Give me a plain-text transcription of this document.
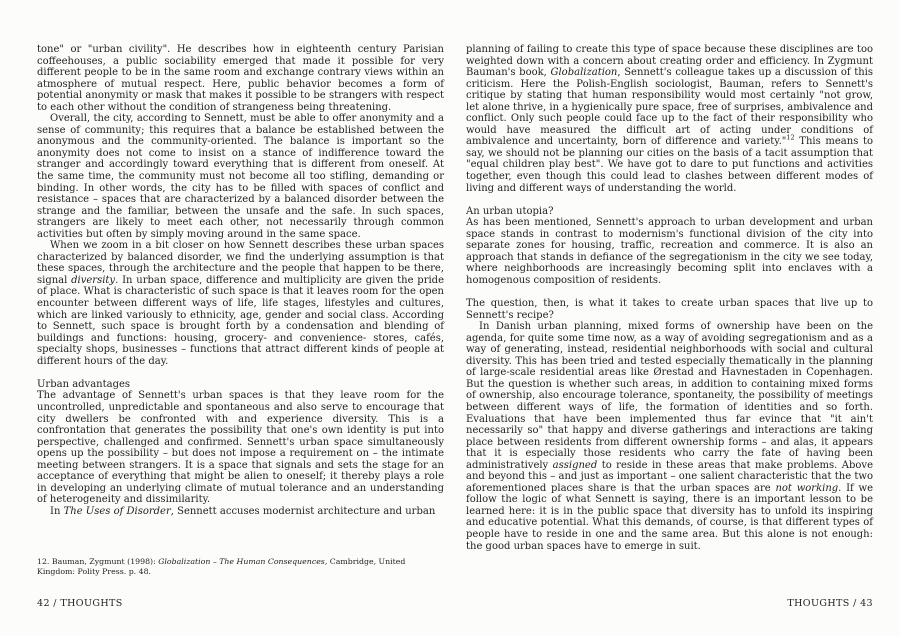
tone" or "urban civility". He describes how in eighteenth century Parisian coffeehouses, a public sociability emerged that made it possible for very different people to be in the same room and exchange contrary views within an atmosphere of mutual respect. Here, public behavior becomes a form of potential anonymity or mask that makes it possible to be strangers with respect to each other without the condition of strangeness being threatening.
Overall, the city, according to Sennett, must be able to offer anonymity and a sense of community; this requires that a balance be established between the anonymous and the community-oriented. The balance is important so the anonymity does not come to insist on a stance of indifference toward the stranger and accordingly toward everything that is different from oneself. At the same time, the community must not become all too stifling, demanding or binding. In other words, the city has to be filled with spaces of conflict and resistance – spaces that are characterized by a balanced disorder between the strange and the familiar, between the unsafe and the safe. In such spaces, strangers are likely to meet each other, not necessarily through common activities but often by simply moving around in the same space.
When we zoom in a bit closer on how Sennett describes these urban spaces characterized by balanced disorder, we find the underlying assumption is that these spaces, through the architecture and the people that happen to be there, signal diversity. In urban space, difference and multiplicity are given the pride of place. What is characteristic of such space is that it leaves room for the open encounter between different ways of life, life stages, lifestyles and cultures, which are linked variously to ethnicity, age, gender and social class. According to Sennett, such space is brought forth by a condensation and blending of buildings and functions: housing, grocery- and convenience- stores, cafés, specialty shops, businesses – functions that attract different kinds of people at different hours of the day.
Urban advantages
The advantage of Sennett's urban spaces is that they leave room for the uncontrolled, unpredictable and spontaneous and also serve to encourage that city dwellers be confronted with and experience diversity. This is a confrontation that generates the possibility that one's own identity is put into perspective, challenged and confirmed. Sennett's urban space simultaneously opens up the possibility – but does not impose a requirement on – the intimate meeting between strangers. It is a space that signals and sets the stage for an acceptance of everything that might be alien to oneself; it thereby plays a role in developing an underlying climate of mutual tolerance and an understanding of heterogeneity and dissimilarity.
In The Uses of Disorder, Sennett accuses modernist architecture and urban
planning of failing to create this type of space because these disciplines are too weighted down with a concern about creating order and efficiency. In Zygmunt Bauman's book, Globalization, Sennett's colleague takes up a discussion of this criticism. Here the Polish-English sociologist, Bauman, refers to Sennett's critique by stating that human responsibility would most certainly "not grow, let alone thrive, in a hygienically pure space, free of surprises, ambivalence and conflict. Only such people could face up to the fact of their responsibility who would have measured the difficult art of acting under conditions of ambivalence and uncertainty, born of difference and variety."$^{12}$ This means to say, we should not be planning our cities on the basis of a tacit assumption that "equal children play best". We have got to dare to put functions and activities together, even though this could lead to clashes between different modes of living and different ways of understanding the world.
An urban utopia?
As has been mentioned, Sennett's approach to urban development and urban space stands in contrast to modernism's functional division of the city into separate zones for housing, traffic, recreation and commerce. It is also an approach that stands in defiance of the segregationism in the city we see today, where neighborhoods are increasingly becoming split into enclaves with a homogenous composition of residents.
The question, then, is what it takes to create urban spaces that live up to Sennett's recipe?
In Danish urban planning, mixed forms of ownership have been on the agenda, for quite some time now, as a way of avoiding segregationism and as a way of generating, instead, residential neighborhoods with social and cultural diversity. This has been tried and tested especially thematically in the planning of large-scale residential areas like Ørestad and Havnestaden in Copenhagen. But the question is whether such areas, in addition to containing mixed forms of ownership, also encourage tolerance, spontaneity, the possibility of meetings between different ways of life, the formation of identities and so forth. Evaluations that have been implemented thus far evince that "it ain't necessarily so" that happy and diverse gatherings and interactions are taking place between residents from different ownership forms – and alas, it appears that it is especially those residents who carry the fate of having been administratively assigned to reside in these areas that make problems. Above and beyond this – and just as important – one salient characteristic that the two aforementioned places share is that the urban spaces are not working. If we follow the logic of what Sennett is saying, there is an important lesson to be learned here: it is in the public space that diversity has to unfold its inspiring and educative potential. What this demands, of course, is that different types of people have to reside in one and the same area. But this alone is not enough: the good urban spaces have to emerge in suit.
12. Bauman, Zygmunt (1998): Globalization – The Human Consequences, Cambridge, United Kingdom: Polity Press. p. 48.
42 / THOUGHTS	THOUGHTS / 43
